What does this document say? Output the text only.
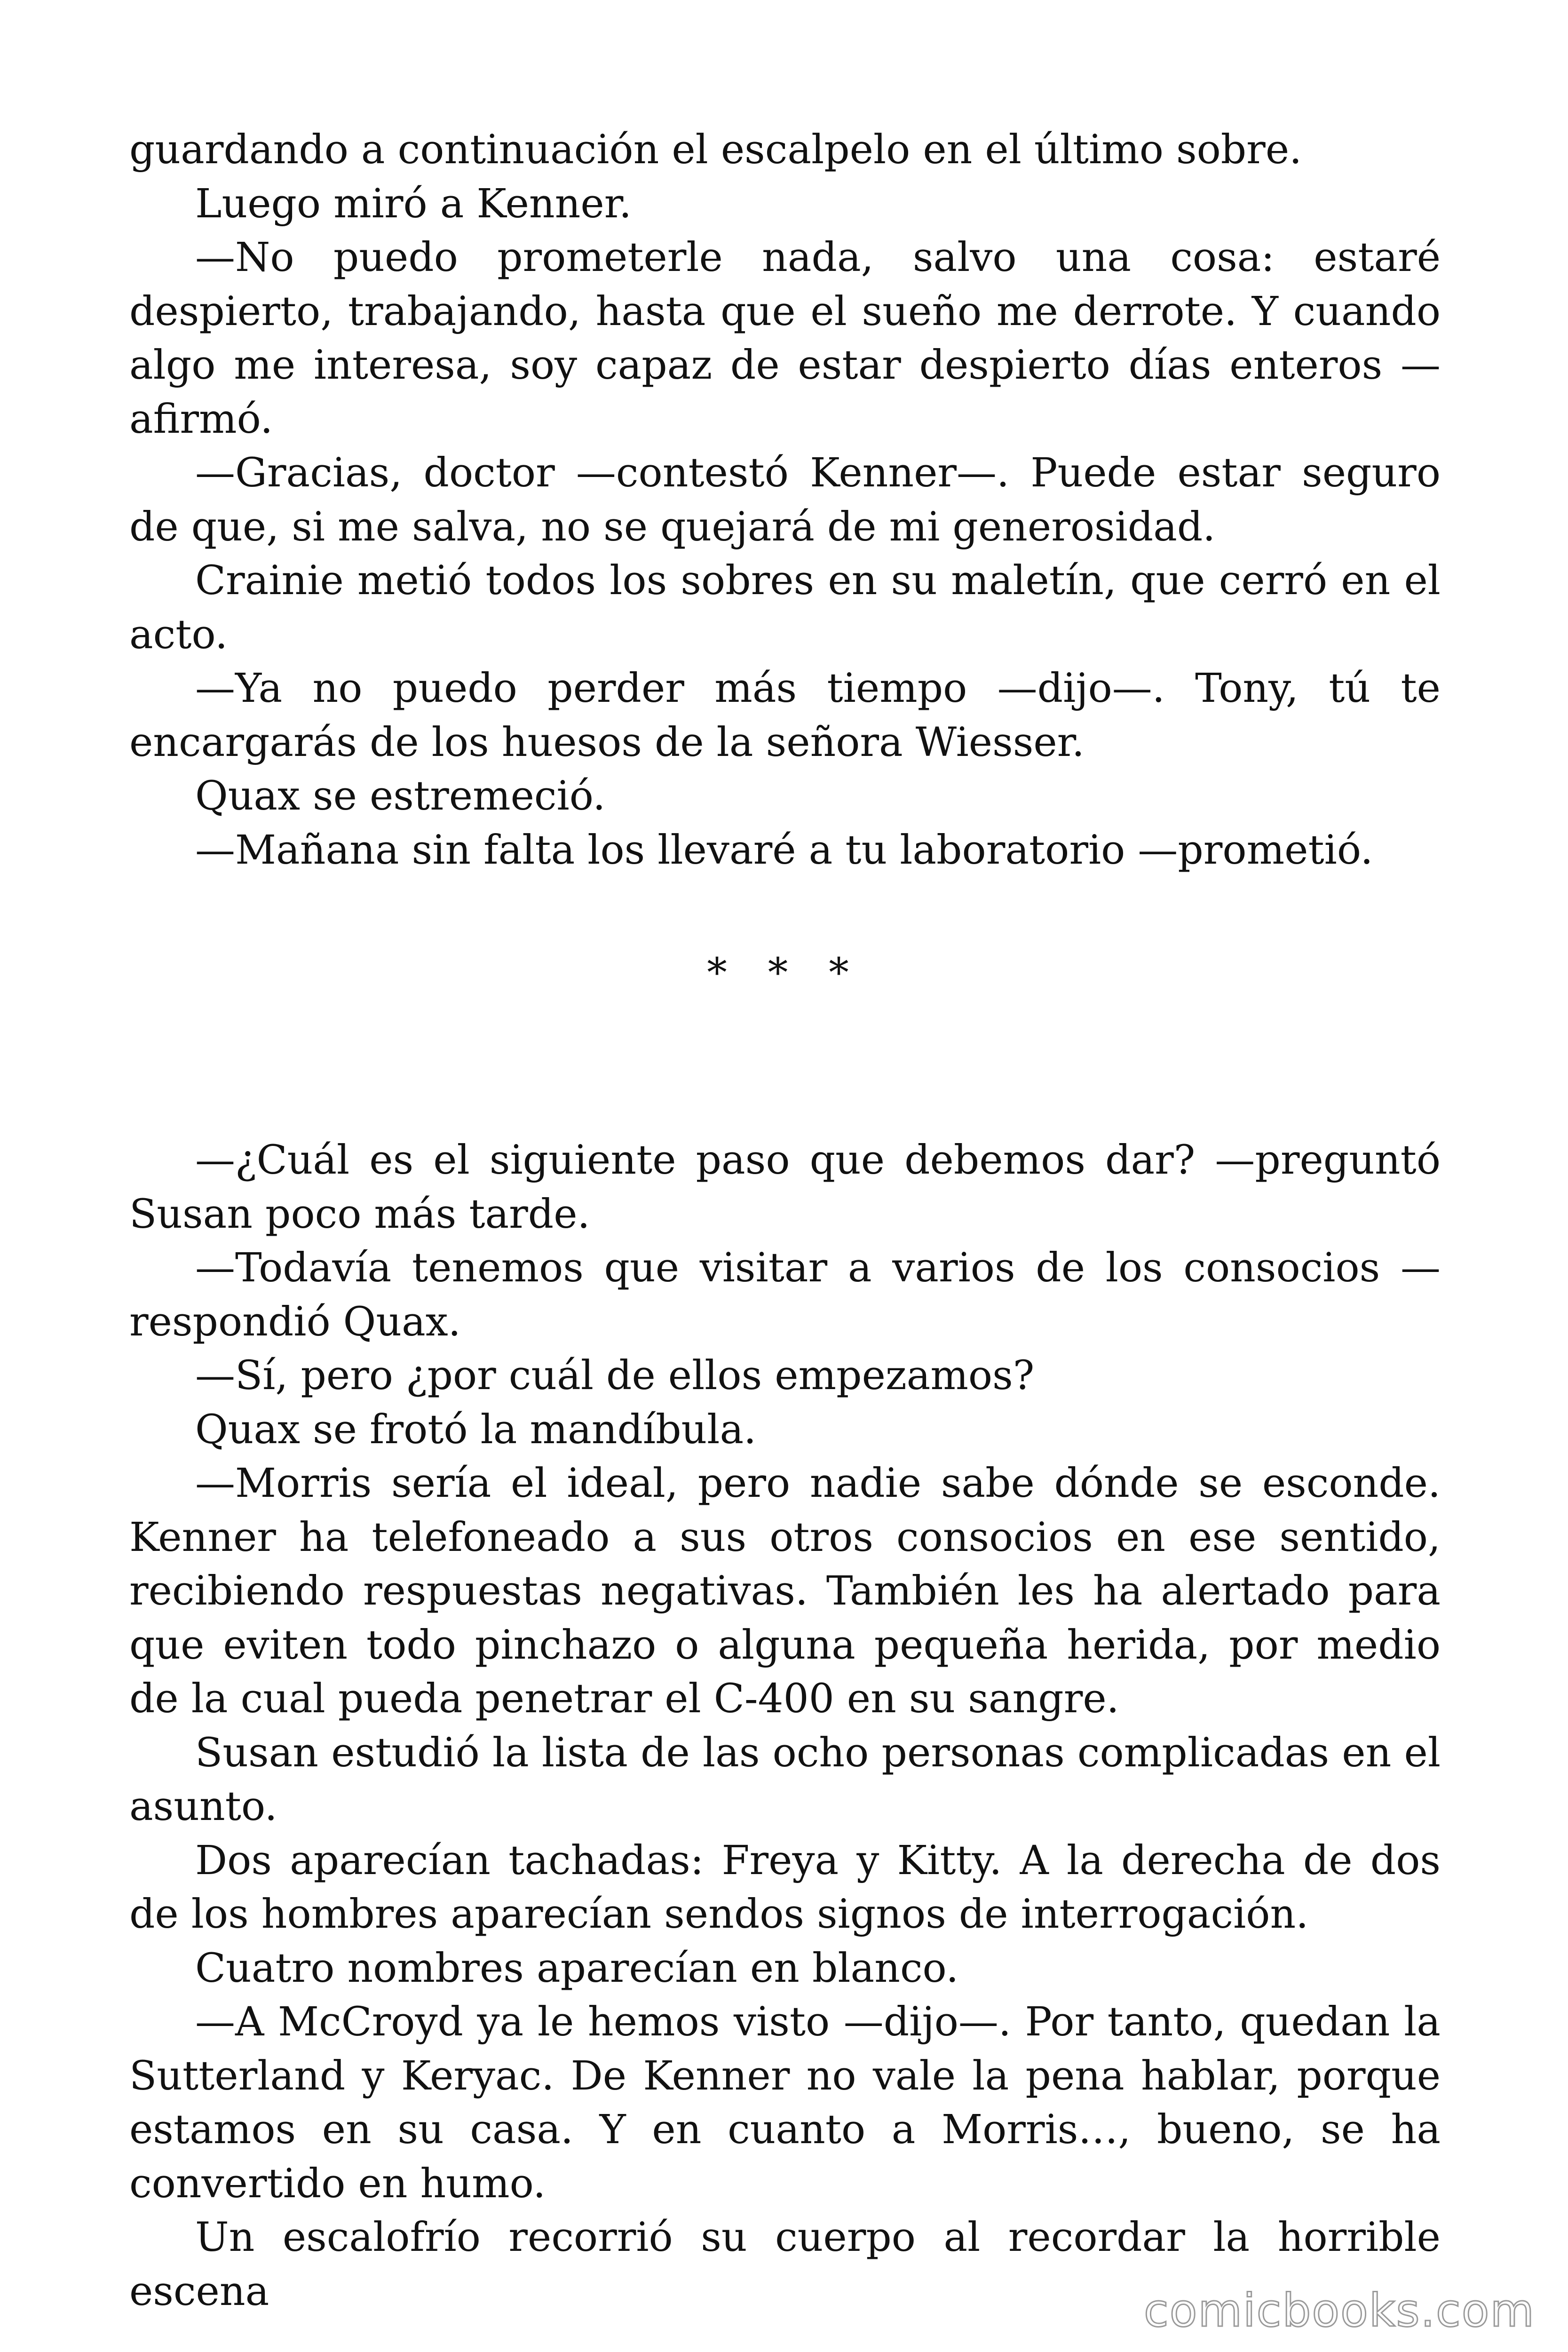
guardando a continuación el escalpelo en el último sobre.

Luego miró a Kenner.

—No puedo prometerle nada, salvo una cosa: estaré despierto, trabajando, hasta que el sueño me derrote. Y cuando algo me interesa, soy capaz de estar despierto días enteros —afirmó.

—Gracias, doctor —contestó Kenner—. Puede estar seguro de que, si me salva, no se quejará de mi generosidad.

Crainie metió todos los sobres en su maletín, que cerró en el acto.

—Ya no puedo perder más tiempo —dijo—. Tony, tú te encargarás de los huesos de la señora Wiesser.

Quax se estremeció.

—Mañana sin falta los llevaré a tu laboratorio —prometió.

* * *

—¿Cuál es el siguiente paso que debemos dar? —preguntó Susan poco más tarde.

—Todavía tenemos que visitar a varios de los consocios —respondió Quax.

—Sí, pero ¿por cuál de ellos empezamos?

Quax se frotó la mandíbula.

—Morris sería el ideal, pero nadie sabe dónde se esconde. Kenner ha telefoneado a sus otros consocios en ese sentido, recibiendo respuestas negativas. También les ha alertado para que eviten todo pinchazo o alguna pequeña herida, por medio de la cual pueda penetrar el C-400 en su sangre.

Susan estudió la lista de las ocho personas complicadas en el asunto.

Dos aparecían tachadas: Freya y Kitty. A la derecha de dos de los hombres aparecían sendos signos de interrogación.

Cuatro nombres aparecían en blanco.

—A McCroyd ya le hemos visto —dijo—. Por tanto, quedan la Sutterland y Keryac. De Kenner no vale la pena hablar, porque estamos en su casa. Y en cuanto a Morris…, bueno, se ha convertido en humo.

Un escalofrío recorrió su cuerpo al recordar la horrible escena	comicbooks.com
